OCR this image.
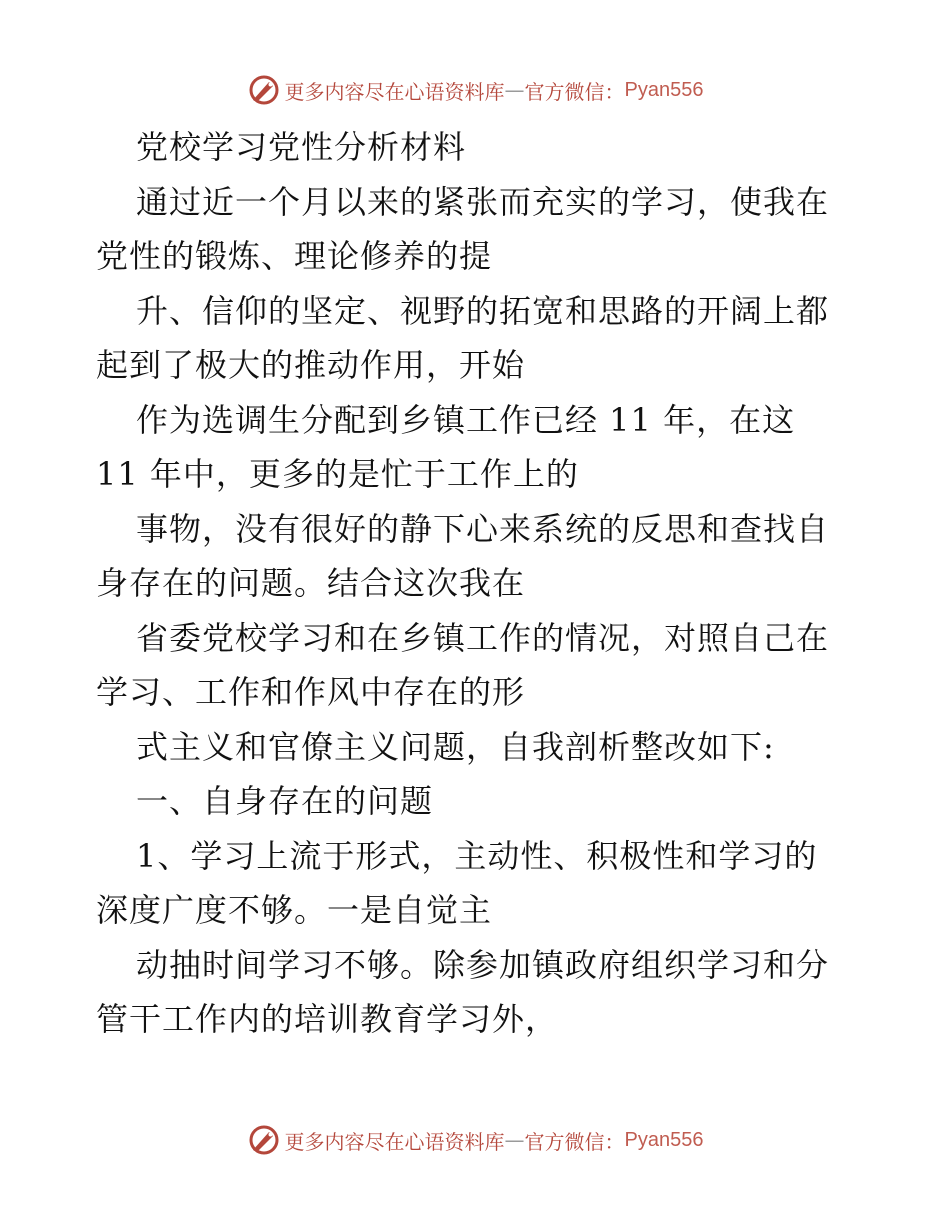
更多内容尽在心语资料库 — 官方微信： Pyan556
党校学习党性分析材料
通过近一个月以来的紧张而充实的学习，使我在
党性的锻炼、理论修养的提
升、信仰的坚定、视野的拓宽和思路的开阔上都
起到了极大的推动作用，开始
作为选调生分配到乡镇工作已经 11 年，在这
11 年中，更多的是忙于工作上的
事物，没有很好的静下心来系统的反思和查找自
身存在的问题。结合这次我在
省委党校学习和在乡镇工作的情况，对照自己在
学习、工作和作风中存在的形
式主义和官僚主义问题，自我剖析整改如下:
一、自身存在的问题
1、学习上流于形式，主动性、积极性和学习的
深度广度不够。一是自觉主
动抽时间学习不够。除参加镇政府组织学习和分
管干工作内的培训教育学习外，
更多内容尽在心语资料库 — 官方微信： Pyan556
